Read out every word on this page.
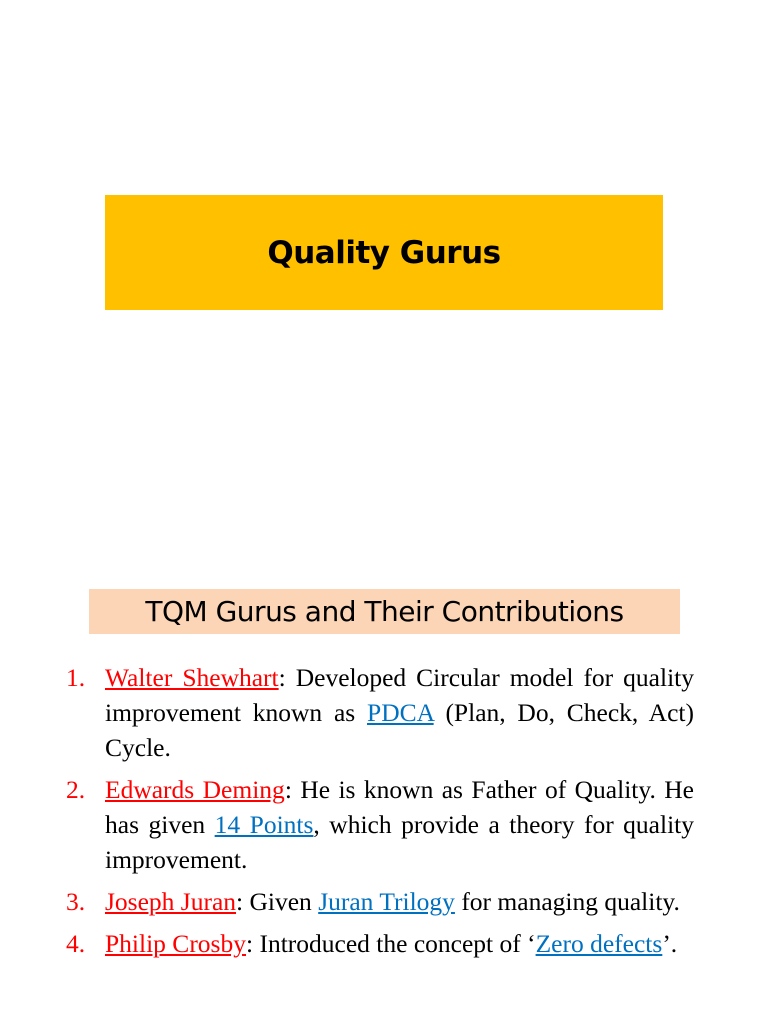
Quality Gurus
TQM Gurus and Their Contributions
1. Walter Shewhart: Developed Circular model for quality improvement known as PDCA (Plan, Do, Check, Act) Cycle.
2. Edwards Deming: He is known as Father of Quality. He has given 14 Points, which provide a theory for quality improvement.
3. Joseph Juran: Given Juran Trilogy for managing quality.
4. Philip Crosby: Introduced the concept of ‘Zero defects’.
